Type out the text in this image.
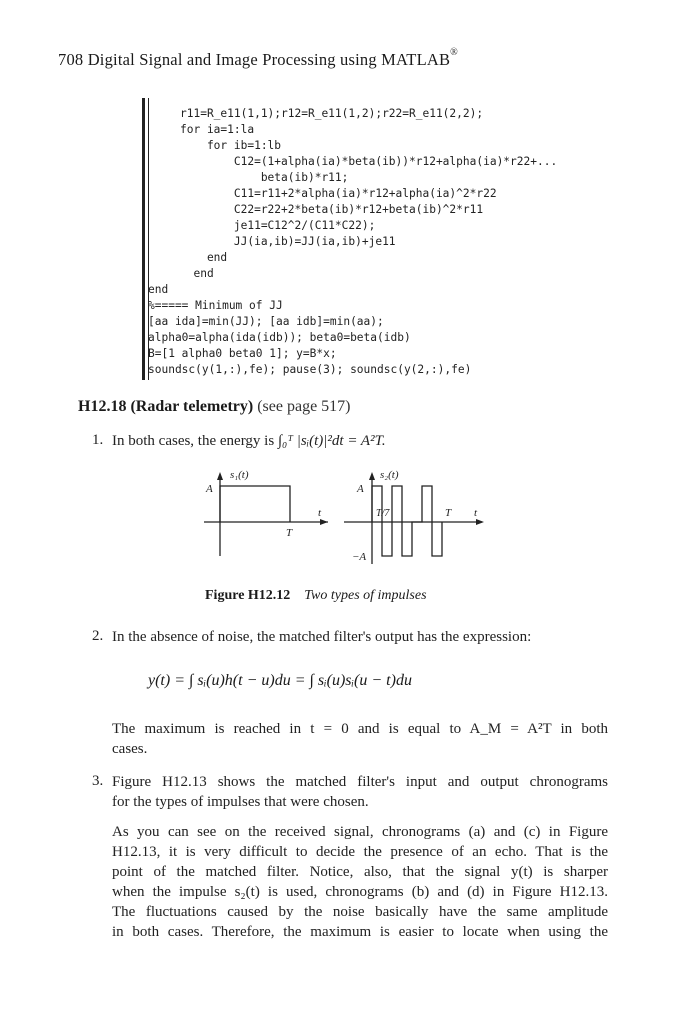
708 Digital Signal and Image Processing using MATLAB®
r11=R_e11(1,1);r12=R_e11(1,2);r22=R_e11(2,2);
for ia=1:la
for ib=1:lb
C12=(1+alpha(ia)*beta(ib))*r12+alpha(ia)*r22+...
beta(ib)*r11;
C11=r11+2*alpha(ia)*r12+alpha(ia)^2*r22
C22=r22+2*beta(ib)*r12+beta(ib)^2*r11
je11=C12^2/(C11*C22);
JJ(ia,ib)=JJ(ia,ib)+je11
end
end
end
%===== Minimum of JJ
[aa ida]=min(JJ); [aa idb]=min(aa);
alpha0=alpha(ida(idb)); beta0=beta(idb)
B=[1 alpha0 beta0 1]; y=B*x;
soundsc(y(1,:),fe); pause(3); soundsc(y(2,:),fe)
H12.18 (Radar telemetry) (see page 517)
1. In both cases, the energy is ∫₀ᵀ |sᵢ(t)|²dt = A²T.
s₁(t)
A
t
T
s₂(t)
A
T/7	T t
−A
Figure H12.12 Two types of impulses
2. In the absence of noise, the matched filter's output has the expression:
y(t) = ∫ sᵢ(u)h(t − u)du = ∫ sᵢ(u)sᵢ(u − t)du
The maximum is reached in t = 0 and is equal to A_M = A²T in both
cases.
3. Figure H12.13 shows the matched filter's input and output chronograms
for the types of impulses that were chosen.
As you can see on the received signal, chronograms (a) and (c) in Figure
H12.13, it is very difficult to decide the presence of an echo. That is the
point of the matched filter. Notice, also, that the signal y(t) is sharper
when the impulse s₂(t) is used, chronograms (b) and (d) in Figure H12.13.
The fluctuations caused by the noise basically have the same amplitude
in both cases. Therefore, the maximum is easier to locate when using the
